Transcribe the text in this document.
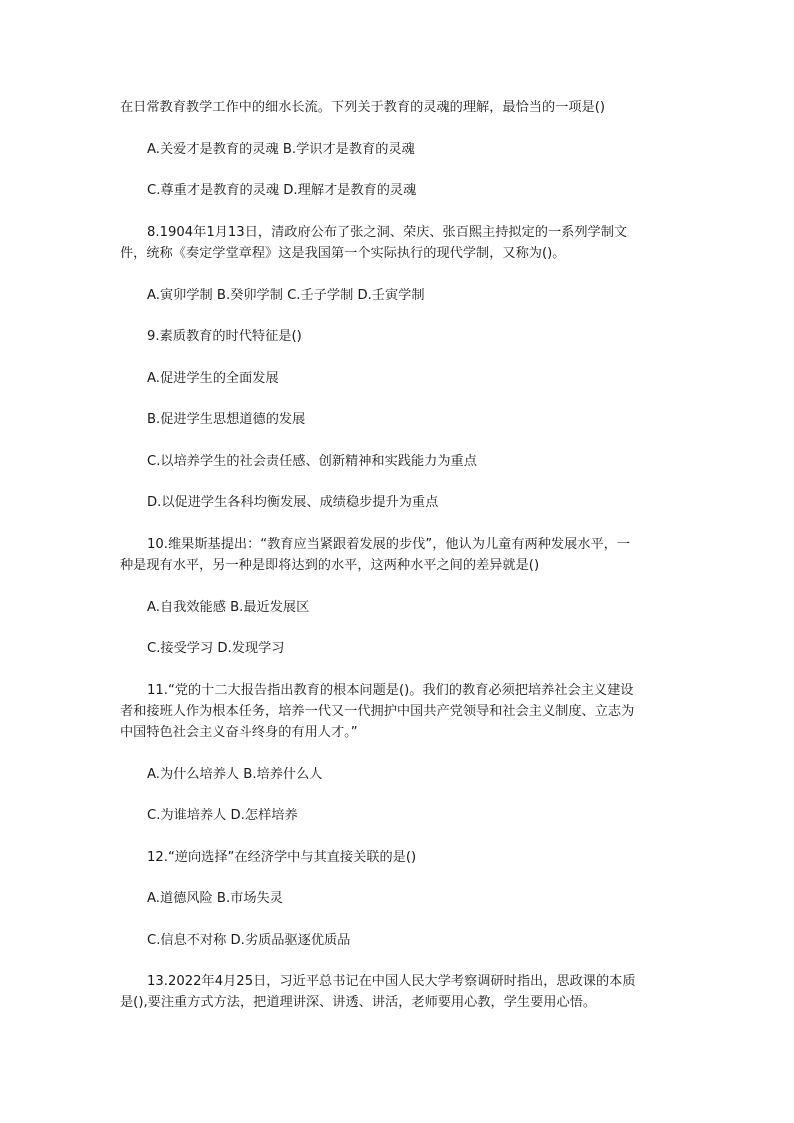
在日常教育教学工作中的细水长流。下列关于教育的灵魂的理解，最恰当的一项是()
A.关爱才是教育的灵魂 B.学识才是教育的灵魂
C.尊重才是教育的灵魂 D.理解才是教育的灵魂
8.1904年1月13日，清政府公布了张之洞、荣庆、张百熙主持拟定的一系列学制文
件，统称《奏定学堂章程》这是我国第一个实际执行的现代学制，又称为()。
A.寅卯学制 B.癸卯学制 C.壬子学制 D.壬寅学制
9.素质教育的时代特征是()
A.促进学生的全面发展
B.促进学生思想道德的发展
C.以培养学生的社会责任感、创新精神和实践能力为重点
D.以促进学生各科均衡发展、成绩稳步提升为重点
10.维果斯基提出：“教育应当紧跟着发展的步伐”，他认为儿童有两种发展水平，一
种是现有水平，另一种是即将达到的水平，这两种水平之间的差异就是()
A.自我效能感 B.最近发展区
C.接受学习 D.发现学习
11.“党的十二大报告指出教育的根本问题是()。我们的教育必须把培养社会主义建设
者和接班人作为根本任务，培养一代又一代拥护中国共产党领导和社会主义制度、立志为
中国特色社会主义奋斗终身的有用人才。”
A.为什么培养人 B.培养什么人
C.为谁培养人 D.怎样培养
12.“逆向选择”在经济学中与其直接关联的是()
A.道德风险 B.市场失灵
C.信息不对称 D.劣质品驱逐优质品
13.2022年4月25日，习近平总书记在中国人民大学考察调研时指出，思政课的本质
是(),要注重方式方法，把道理讲深、讲透、讲活，老师要用心教，学生要用心悟。
